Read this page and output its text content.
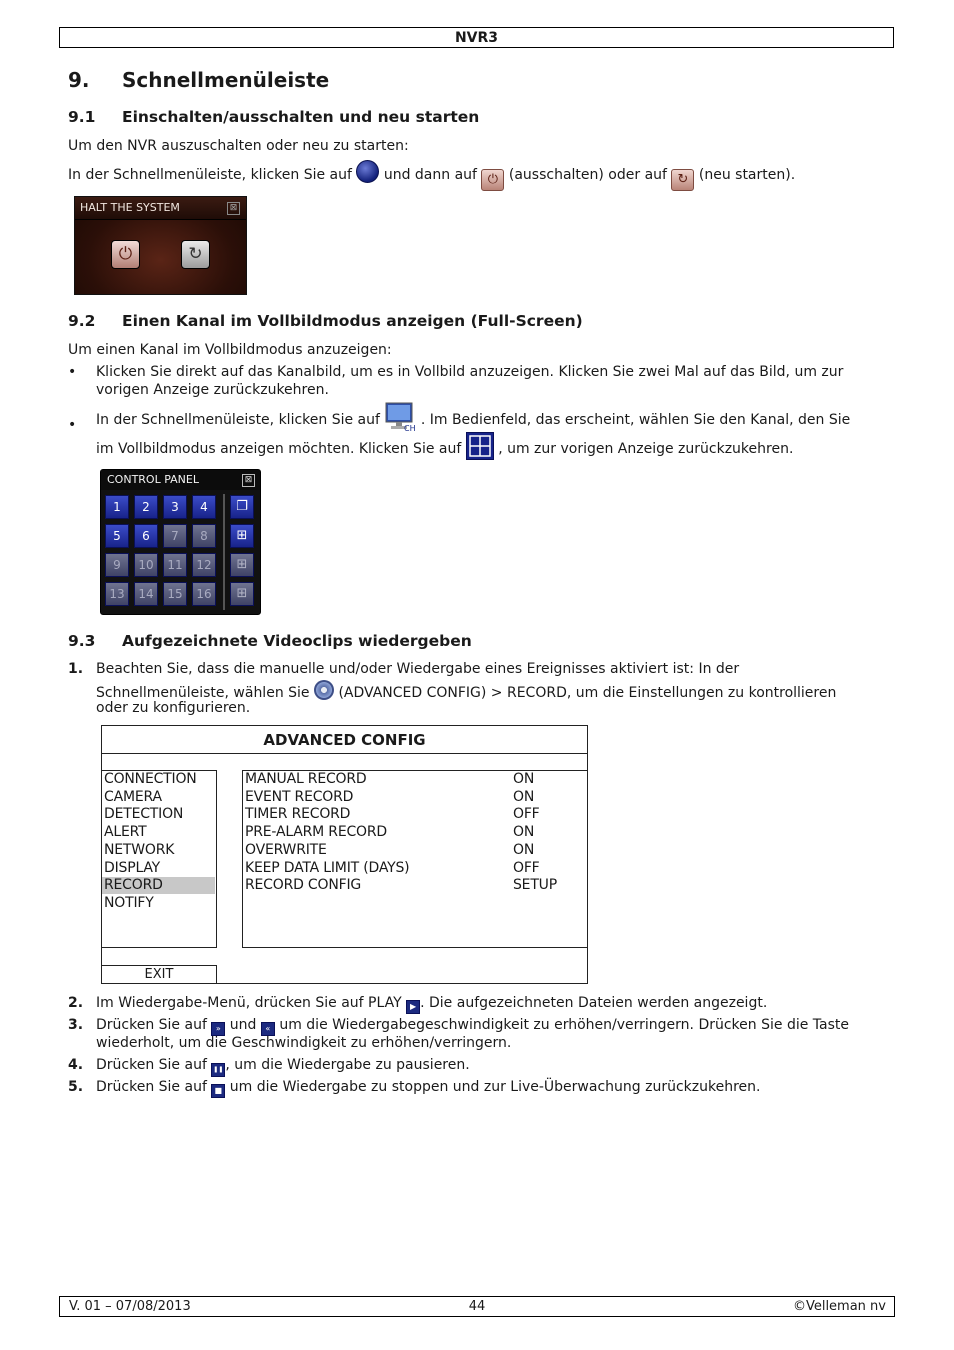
NVR3
9. Schnellmenüleiste
9.1 Einschalten/ausschalten und neu starten
Um den NVR auszuschalten oder neu zu starten:
In der Schnellmenüleiste, klicken Sie auf und dann auf ⏻ (ausschalten) oder auf ↻ (neu starten).
HALT THE SYSTEM	⊠
⏻	↻
9.2 Einen Kanal im Vollbildmodus anzeigen (Full-Screen)
Um einen Kanal im Vollbildmodus anzuzeigen:
• Klicken Sie direkt auf das Kanalbild, um es in Vollbild anzuzeigen. Klicken Sie zwei Mal auf das Bild, um zur
vorigen Anzeige zurückzukehren.
• In der Schnellmenüleiste, klicken Sie auf
CH
. Im Bedienfeld, das erscheint, wählen Sie den Kanal, den Sie
im Vollbildmodus anzeigen möchten. Klicken Sie auf	, um zur vorigen Anzeige zurückzukehren.
CONTROL PANEL	⊠
1	2	3	4
5	6	7	8
9	10	11	12
13	14	15	16
❐
⊞
⊞
⊞
9.3 Aufgezeichnete Videoclips wiedergeben
1. Beachten Sie, dass die manuelle und/oder Wiedergabe eines Ereignisses aktiviert ist: In der
Schnellmenüleiste, wählen Sie (ADVANCED CONFIG) > RECORD, um die Einstellungen zu kontrollieren
oder zu konfigurieren.
ADVANCED CONFIG
CONNECTION
CAMERA
DETECTION
ALERT
NETWORK
DISPLAY
RECORD
NOTIFY
MANUAL RECORD	ON
EVENT RECORD	ON
TIMER RECORD	OFF
PRE-ALARM RECORD	ON
OVERWRITE	ON
KEEP DATA LIMIT (DAYS)	OFF
RECORD CONFIG	SETUP
EXIT
2. Im Wiedergabe-Menü, drücken Sie auf PLAY ▶ . Die aufgezeichneten Dateien werden angezeigt.
3. Drücken Sie auf » und « um die Wiedergabegeschwindigkeit zu erhöhen/verringern. Drücken Sie die Taste
wiederholt, um die Geschwindigkeit zu erhöhen/verringern.
4. Drücken Sie auf ❚❚ , um die Wiedergabe zu pausieren.
5. Drücken Sie auf ■ um die Wiedergabe zu stoppen und zur Live-Überwachung zurückzukehren.
V. 01 – 07/08/2013	44	©Velleman nv
